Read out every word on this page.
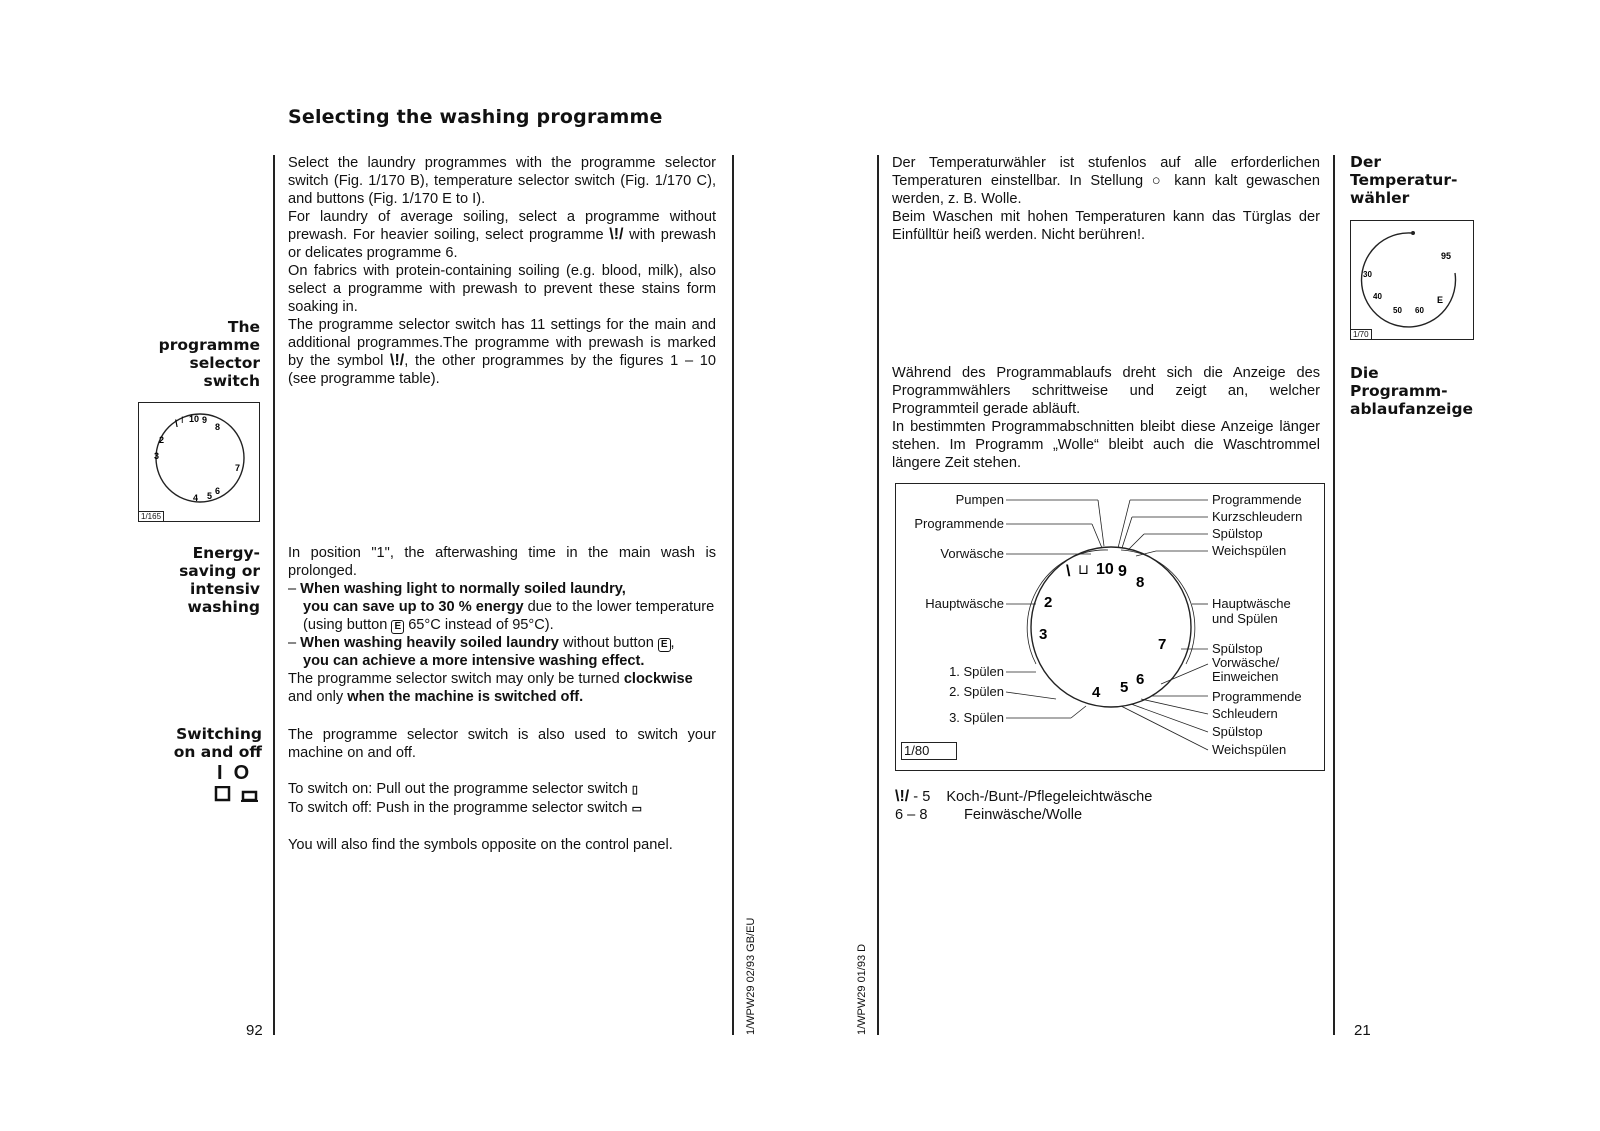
Selecting the washing programme
The
programme
selector
switch
\ I 10 9
8
2
3
7
4 5 6
1/165
Energy-
saving or
intensiv
washing
Switching
on and off
I  O
92
Select the laundry programmes with the programme selector switch (Fig. 1/170 B), temperature selector switch (Fig. 1/170 C), and buttons (Fig. 1/170 E to I).
For laundry of average soiling, select a programme without prewash. For heavier soiling, select programme \!/ with prewash or delicates programme 6.
On fabrics with protein-containing soiling (e.g. blood, milk), also select a programme with prewash to prevent these stains form soaking in.
The programme selector switch has 11 settings for the main and additional programmes.The programme with prewash is marked by the symbol \!/, the other programmes by the figures 1 – 10 (see programme table).
In position "1", the afterwashing time in the main wash is prolonged.
– When washing light to normally soiled laundry,
you can save up to 30 % energy due to the lower temperature (using button E 65°C instead of 95°C).
– When washing heavily soiled laundry without button E ,
you can achieve a more intensive washing effect.
The programme selector switch may only be turned clockwise and only when the machine is switched off.
The programme selector switch is also used to switch your machine on and off.
To switch on: Pull out the programme selector switch ▯
To switch off: Push in the programme selector switch ▭
You will also find the symbols opposite on the control panel.
1/WPW29 02/93 GB/EU	1/WPW29 01/93 D
Der Temperaturwähler ist stufenlos auf alle erforderlichen Temperaturen einstellbar. In Stellung ○ kann kalt gewaschen werden, z. B. Wolle.
Beim Waschen mit hohen Temperaturen kann das Türglas der Einfülltür heiß werden. Nicht berühren!.
Während des Programmablaufs dreht sich die Anzeige des Programmwählers schrittweise und zeigt an, welcher Programmteil gerade abläuft.
In bestimmten Programmabschnitten bleibt diese Anzeige länger stehen. Im Programm „Wolle“ bleibt auch die Waschtrommel längere Zeit stehen.
Der
Temperatur-
wähler
95
30
40
50 60
E
1/70
Die
Programm-
ablaufanzeige
\ ⊔ 10 9
8
2
3
7
4 5 6
Pumpen
Programmende
Vorwäsche
Hauptwäsche
1. Spülen
2. Spülen
3. Spülen
Programmende
Kurzschleudern
Spülstop
Weichspülen
Hauptwäsche
und Spülen
Spülstop
Vorwäsche/
Einweichen
Programmende
Schleudern
Spülstop
Weichspülen
1/80
\!/ - 5 Koch-/Bunt-/Pflegeleichtwäsche
6 – 8	Feinwäsche/Wolle
21
